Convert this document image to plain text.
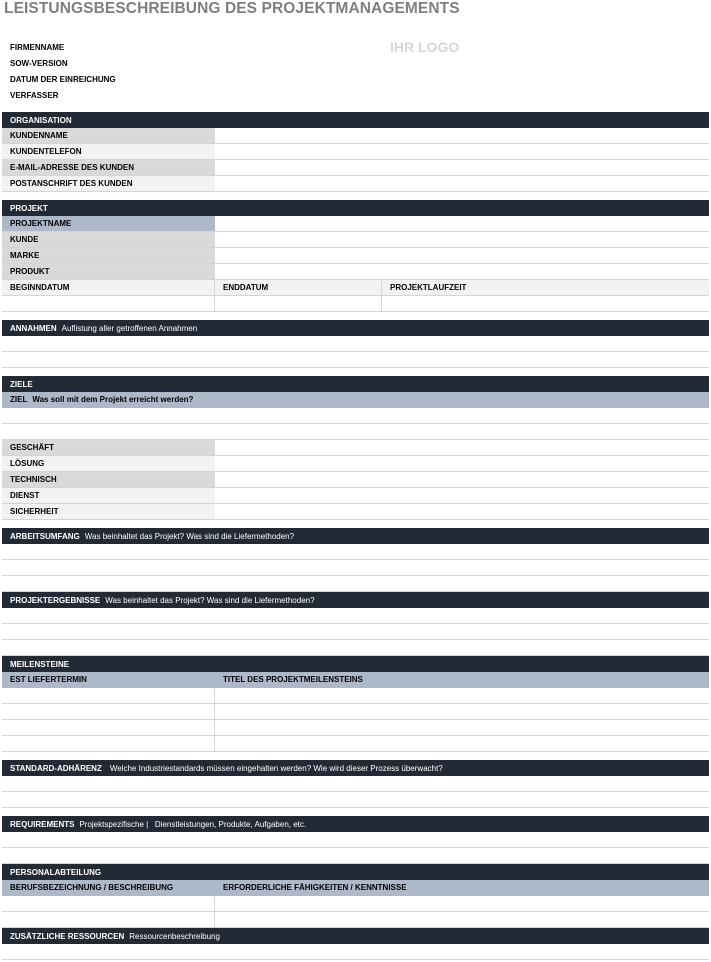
LEISTUNGSBESCHREIBUNG DES PROJEKTMANAGEMENTS
IHR LOGO
FIRMENNAME
SOW-VERSION
DATUM DER EINREICHUNG
VERFASSER
ORGANISATION
KUNDENNAME
KUNDENTELEFON
E-MAIL-ADRESSE DES KUNDEN
POSTANSCHRIFT DES KUNDEN
PROJEKT
PROJEKTNAME
KUNDE
MARKE
PRODUKT
BEGINNDATUM	ENDDATUM	PROJEKTLAUFZEIT
ANNAHMEN Auflistung aller getroffenen Annahmen
ZIELE
ZIEL Was soll mit dem Projekt erreicht werden?
GESCHÄFT
LÖSUNG
TECHNISCH
DIENST
SICHERHEIT
ARBEITSUMFANG Was beinhaltet das Projekt? Was sind die Liefermethoden?
PROJEKTERGEBNISSE Was beinhaltet das Projekt? Was sind die Liefermethoden?
MEILENSTEINE
EST LIEFERTERMIN	TITEL DES PROJEKTMEILENSTEINS
STANDARD-ADHÄRENZ Welche Industriestandards müssen eingehalten werden? Wie wird dieser Prozess überwacht?
REQUIREMENTS Projektspezifische |   Dienstleistungen, Produkte, Aufgaben, etc.
PERSONALABTEILUNG
BERUFSBEZEICHNUNG / BESCHREIBUNG	ERFORDERLICHE FÄHIGKEITEN / KENNTNISSE
ZUSÄTZLICHE RESSOURCEN Ressourcenbeschreibung
